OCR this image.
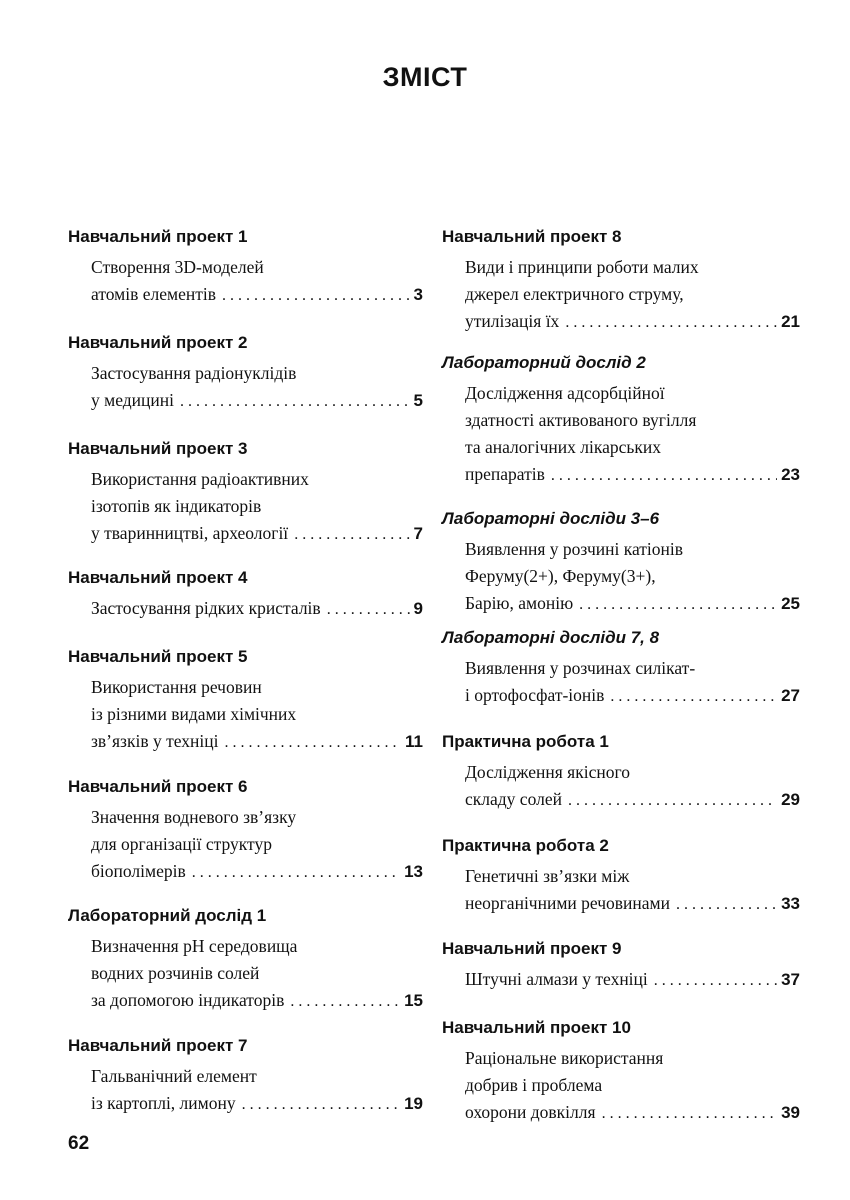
ЗМІСТ
Навчальний проект 1
Створення 3D-моделей
атомів елементів . . .	3
Навчальний проект 2
Застосування радіонуклідів
у медицині . . .	5
Навчальний проект 3
Використання радіоактивних
ізотопів як індикаторів
у тваринництві, археології . . .	7
Навчальний проект 4
Застосування рідких кристалів . . .	9
Навчальний проект 5
Використання речовин
із різними видами хімічних
зв’язків у техніці . . .	11
Навчальний проект 6
Значення водневого зв’язку
для організації структур
біополімерів . . .	13
Лабораторний дослід 1
Визначення pH середовища
водних розчинів солей
за допомогою індикаторів . . .	15
Навчальний проект 7
Гальванічний елемент
із картоплі, лимону . . .	19
Навчальний проект 8
Види і принципи роботи малих
джерел електричного струму,
утилізація їх . . .	21
Лабораторний дослід 2
Дослідження адсорбційної
здатності активованого вугілля
та аналогічних лікарських
препаратів . . .	23
Лабораторні досліди 3–6
Виявлення у розчині катіонів
Феруму(2+), Феруму(3+),
Барію, амонію . . .	25
Лабораторні досліди 7, 8
Виявлення у розчинах силікат-
і ортофосфат-іонів . . .	27
Практична робота 1
Дослідження якісного
складу солей . . .	29
Практична робота 2
Генетичні зв’язки між
неорганічними речовинами . . .	33
Навчальний проект 9
Штучні алмази у техніці . . .	37
Навчальний проект 10
Раціональне використання
добрив і проблема
охорони довкілля . . .	39
62
